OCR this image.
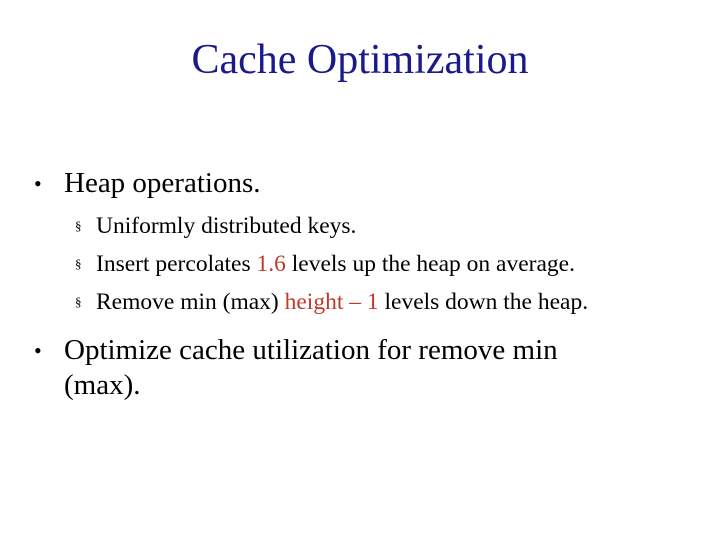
Cache Optimization
• Heap operations.
§ Uniformly distributed keys.
§ Insert percolates 1.6 levels up the heap on average.
§ Remove min (max) height – 1 levels down the heap.
• Optimize cache utilization for remove min (max).
